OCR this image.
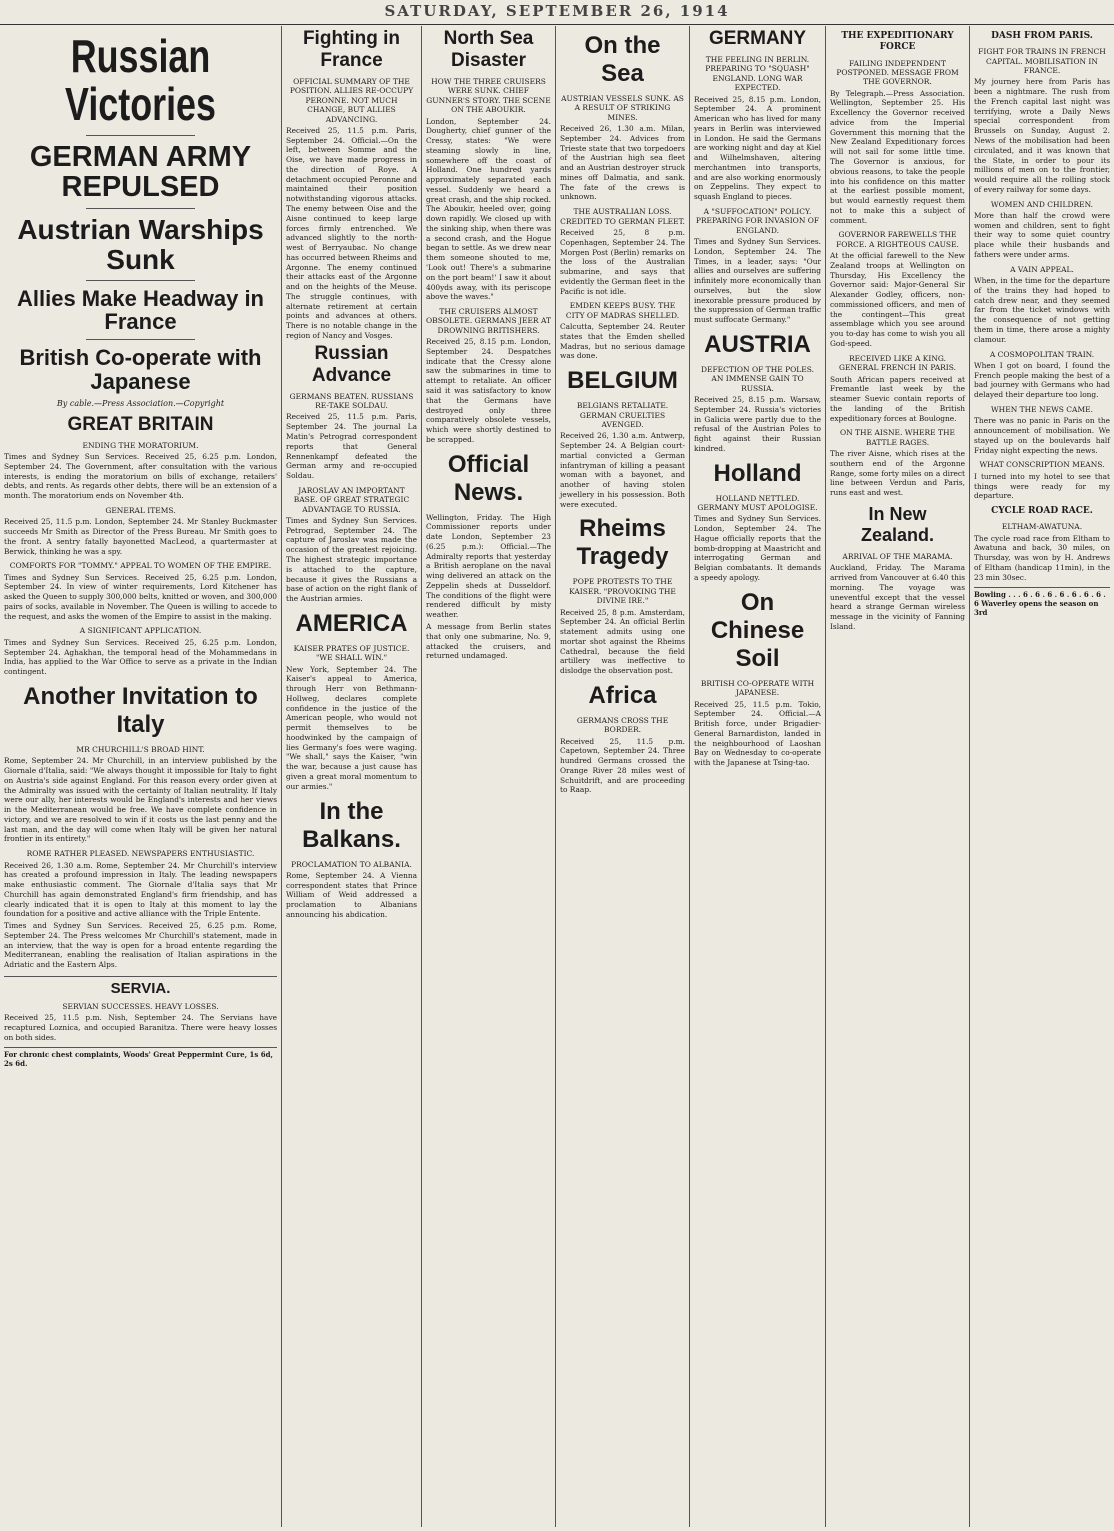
SATURDAY, SEPTEMBER 26, 1914
Russian Victories
GERMAN ARMY REPULSED
Austrian Warships Sunk
Allies Make Headway in France
British Co-operate with Japanese
By cable.—Press Association.—Copyright
GREAT BRITAIN
ENDING THE MORATORIUM.
Times and Sydney Sun Services. Received 25, 6.25 p.m. London, September 24. The Government, after consultation with the various interests, is ending the moratorium on bills of exchange, retailers' debts, and rents. As regards other debts, there will be an extension of a month. The moratorium ends on November 4th.
GENERAL ITEMS.
Received 25, 11.5 p.m. London, September 24. Mr Stanley Buckmaster succeeds Mr Smith as Director of the Press Bureau. Mr Smith goes to the front. A sentry fatally bayonetted MacLeod, a quartermaster at Berwick, thinking he was a spy.
COMFORTS FOR "TOMMY." APPEAL TO WOMEN OF THE EMPIRE.
Times and Sydney Sun Services. Received 25, 6.25 p.m. London, September 24. In view of winter requirements, Lord Kitchener has asked the Queen to supply 300,000 belts, knitted or woven, and 300,000 pairs of socks, available in November. The Queen is willing to accede to the request, and asks the women of the Empire to assist in the making.
A SIGNIFICANT APPLICATION.
Times and Sydney Sun Services. Received 25, 6.25 p.m. London, September 24. Aghakhan, the temporal head of the Mohammedans in India, has applied to the War Office to serve as a private in the Indian contingent.
Another Invitation to Italy
MR CHURCHILL'S BROAD HINT.
Rome, September 24. Mr Churchill, in an interview published by the Giornale d'Italia, said: "We always thought it impossible for Italy to fight on Austria's side against England. For this reason every order given at the Admiralty was issued with the certainty of Italian neutrality. If Italy were our ally, her interests would be England's interests and her views in the Mediterranean would be free. We have complete confidence in victory, and we are resolved to win if it costs us the last penny and the last man, and the day will come when Italy will be given her natural frontier in its entirety."
ROME RATHER PLEASED. NEWSPAPERS ENTHUSIASTIC.
Received 26, 1.30 a.m. Rome, September 24. Mr Churchill's interview has created a profound impression in Italy. The leading newspapers make enthusiastic comment. The Giornale d'Italia says that Mr Churchill has again demonstrated England's firm friendship, and has clearly indicated that it is open to Italy at this moment to lay the foundation for a positive and active alliance with the Triple Entente.
Times and Sydney Sun Services. Received 25, 6.25 p.m. Rome, September 24. The Press welcomes Mr Churchill's statement, made in an interview, that the way is open for a broad entente regarding the Mediterranean, enabling the realisation of Italian aspirations in the Adriatic and the Eastern Alps.
SERVIA.
SERVIAN SUCCESSES. HEAVY LOSSES.
Received 25, 11.5 p.m. Nish, September 24. The Servians have recaptured Loznica, and occupied Baranitza. There were heavy losses on both sides.
For chronic chest complaints, Woods' Great Peppermint Cure, 1s 6d, 2s 6d.
Fighting in France
OFFICIAL SUMMARY OF THE POSITION. ALLIES RE-OCCUPY PERONNE. NOT MUCH CHANGE, BUT ALLIES ADVANCING.
Received 25, 11.5 p.m. Paris, September 24. Official.—On the left, between Somme and the Oise, we have made progress in the direction of Roye. A detachment occupied Peronne and maintained their position notwithstanding vigorous attacks. The enemy between Oise and the Aisne continued to keep large forces firmly entrenched. We advanced slightly to the north-west of Berryaubac. No change has occurred between Rheims and Argonne. The enemy continued their attacks east of the Argonne and on the heights of the Meuse. The struggle continues, with alternate retirement at certain points and advances at others. There is no notable change in the region of Nancy and Vosges.
Russian Advance
GERMANS BEATEN. RUSSIANS RE-TAKE SOLDAU.
Received 25, 11.5 p.m. Paris, September 24. The journal La Matin's Petrograd correspondent reports that General Rennenkampf defeated the German army and re-occupied Soldau.
JAROSLAV AN IMPORTANT BASE. OF GREAT STRATEGIC ADVANTAGE TO RUSSIA.
Times and Sydney Sun Services. Petrograd, September 24. The capture of Jaroslav was made the occasion of the greatest rejoicing. The highest strategic importance is attached to the capture, because it gives the Russians a base of action on the right flank of the Austrian armies.
AMERICA
KAISER PRATES OF JUSTICE. "WE SHALL WIN."
New York, September 24. The Kaiser's appeal to America, through Herr von Bethmann-Hollweg, declares complete confidence in the justice of the American people, who would not permit themselves to be hoodwinked by the campaign of lies Germany's foes were waging. "We shall," says the Kaiser, "win the war, because a just cause has given a great moral momentum to our armies."
In the Balkans.
PROCLAMATION TO ALBANIA.
Rome, September 24. A Vienna correspondent states that Prince William of Weid addressed a proclamation to Albanians announcing his abdication.
North Sea Disaster
HOW THE THREE CRUISERS WERE SUNK. CHIEF GUNNER'S STORY. THE SCENE ON THE ABOUKIR.
London, September 24. Dougherty, chief gunner of the Cressy, states: "We were steaming slowly in line, somewhere off the coast of Holland. One hundred yards approximately separated each vessel. Suddenly we heard a great crash, and the ship rocked. The Aboukir, heeled over, going down rapidly. We closed up with the sinking ship, when there was a second crash, and the Hogue began to settle. As we drew near them someone shouted to me, 'Look out! There's a submarine on the port beam!' I saw it about 400yds away, with its periscope above the waves."
THE CRUISERS ALMOST OBSOLETE. GERMANS JEER AT DROWNING BRITISHERS.
Received 25, 8.15 p.m. London, September 24. Despatches indicate that the Cressy alone saw the submarines in time to attempt to retaliate. An officer said it was satisfactory to know that the Germans have destroyed only three comparatively obsolete vessels, which were shortly destined to be scrapped.
Official News.
Wellington, Friday. The High Commissioner reports under date London, September 23 (6.25 p.m.): Official.—The Admiralty reports that yesterday a British aeroplane on the naval wing delivered an attack on the Zeppelin sheds at Dusseldorf. The conditions of the flight were rendered difficult by misty weather.
A message from Berlin states that only one submarine, No. 9, attacked the cruisers, and returned undamaged.
On the Sea
AUSTRIAN VESSELS SUNK. AS A RESULT OF STRIKING MINES.
Received 26, 1.30 a.m. Milan, September 24. Advices from Trieste state that two torpedoers of the Austrian high sea fleet and an Austrian destroyer struck mines off Dalmatia, and sank. The fate of the crews is unknown.
THE AUSTRALIAN LOSS. CREDITED TO GERMAN FLEET.
Received 25, 8 p.m. Copenhagen, September 24. The Morgen Post (Berlin) remarks on the loss of the Australian submarine, and says that evidently the German fleet in the Pacific is not idle.
EMDEN KEEPS BUSY. THE CITY OF MADRAS SHELLED.
Calcutta, September 24. Reuter states that the Emden shelled Madras, but no serious damage was done.
BELGIUM
BELGIANS RETALIATE. GERMAN CRUELTIES AVENGED.
Received 26, 1.30 a.m. Antwerp, September 24. A Belgian court-martial convicted a German infantryman of killing a peasant woman with a bayonet, and another of having stolen jewellery in his possession. Both were executed.
Rheims Tragedy
POPE PROTESTS TO THE KAISER. "PROVOKING THE DIVINE IRE."
Received 25, 8 p.m. Amsterdam, September 24. An official Berlin statement admits using one mortar shot against the Rheims Cathedral, because the field artillery was ineffective to dislodge the observation post.
Africa
GERMANS CROSS THE BORDER.
Received 25, 11.5 p.m. Capetown, September 24. Three hundred Germans crossed the Orange River 28 miles west of Schuitdrift, and are proceeding to Raap.
GERMANY
THE FEELING IN BERLIN. PREPARING TO "SQUASH" ENGLAND. LONG WAR EXPECTED.
Received 25, 8.15 p.m. London, September 24. A prominent American who has lived for many years in Berlin was interviewed in London. He said the Germans are working night and day at Kiel and Wilhelmshaven, altering merchantmen into transports, and are also working enormously on Zeppelins. They expect to squash England to pieces.
A "SUFFOCATION" POLICY. PREPARING FOR INVASION OF ENGLAND.
Times and Sydney Sun Services. London, September 24. The Times, in a leader, says: "Our allies and ourselves are suffering infinitely more economically than ourselves, but the slow inexorable pressure produced by the suppression of German traffic must suffocate Germany."
AUSTRIA
DEFECTION OF THE POLES. AN IMMENSE GAIN TO RUSSIA.
Received 25, 8.15 p.m. Warsaw, September 24. Russia's victories in Galicia were partly due to the refusal of the Austrian Poles to fight against their Russian kindred.
Holland
HOLLAND NETTLED. GERMANY MUST APOLOGISE.
Times and Sydney Sun Services. London, September 24. The Hague officially reports that the bomb-dropping at Maastricht and interrogating German and Belgian combatants. It demands a speedy apology.
On Chinese Soil
BRITISH CO-OPERATE WITH JAPANESE.
Received 25, 11.5 p.m. Tokio, September 24. Official.—A British force, under Brigadier-General Barnardiston, landed in the neighbourhood of Laoshan Bay on Wednesday to co-operate with the Japanese at Tsing-tao.
THE EXPEDITIONARY FORCE
FAILING INDEPENDENT POSTPONED. MESSAGE FROM THE GOVERNOR.
By Telegraph.—Press Association. Wellington, September 25. His Excellency the Governor received advice from the Imperial Government this morning that the New Zealand Expeditionary forces will not sail for some little time. The Governor is anxious, for obvious reasons, to take the people into his confidence on this matter at the earliest possible moment, but would earnestly request them not to make this a subject of comment.
GOVERNOR FAREWELLS THE FORCE. A RIGHTEOUS CAUSE.
At the official farewell to the New Zealand troops at Wellington on Thursday, His Excellency the Governor said: Major-General Sir Alexander Godley, officers, non-commissioned officers, and men of the contingent—This great assemblage which you see around you to-day has come to wish you all God-speed.
RECEIVED LIKE A KING. GENERAL FRENCH IN PARIS.
South African papers received at Fremantle last week by the steamer Suevic contain reports of the landing of the British expeditionary forces at Boulogne.
ON THE AISNE. WHERE THE BATTLE RAGES.
The river Aisne, which rises at the southern end of the Argonne Range, some forty miles on a direct line between Verdun and Paris, runs east and west.
In New Zealand.
ARRIVAL OF THE MARAMA.
Auckland, Friday. The Marama arrived from Vancouver at 6.40 this morning. The voyage was uneventful except that the vessel heard a strange German wireless message in the vicinity of Fanning Island.
DASH FROM PARIS.
FIGHT FOR TRAINS IN FRENCH CAPITAL. MOBILISATION IN FRANCE.
My journey here from Paris has been a nightmare. The rush from the French capital last night was terrifying, wrote a Daily News special correspondent from Brussels on Sunday, August 2. News of the mobilisation had been circulated, and it was known that the State, in order to pour its millions of men on to the frontier, would require all the rolling stock of every railway for some days.
WOMEN AND CHILDREN.
More than half the crowd were women and children, sent to fight their way to some quiet country place while their husbands and fathers were under arms.
A VAIN APPEAL.
When, in the time for the departure of the trains they had hoped to catch drew near, and they seemed far from the ticket windows with the consequence of not getting them in time, there arose a mighty clamour.
A COSMOPOLITAN TRAIN.
When I got on board, I found the French people making the best of a bad journey with Germans who had delayed their departure too long.
WHEN THE NEWS CAME.
There was no panic in Paris on the announcement of mobilisation. We stayed up on the boulevards half Friday night expecting the news.
WHAT CONSCRIPTION MEANS.
I turned into my hotel to see that things were ready for my departure.
CYCLE ROAD RACE.
ELTHAM-AWATUNA.
The cycle road race from Eltham to Awatuna and back, 30 miles, on Thursday, was won by H. Andrews of Eltham (handicap 11min), in the 23 min 30sec.
Bowling . . . 6 . 6 . 6 . 6 . 6 . 6 . 6 . 6 Waverley opens the season on 3rd
